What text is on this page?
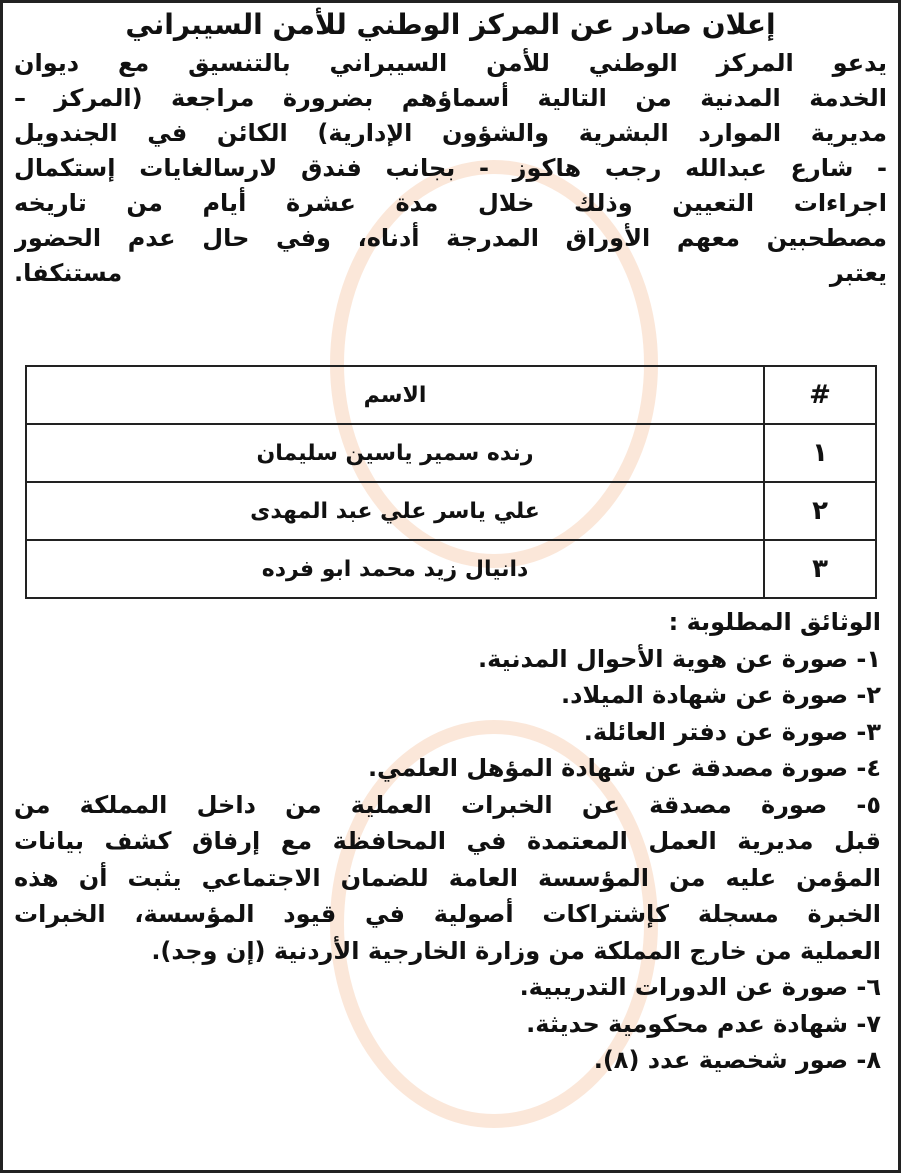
إعلان صادر عن المركز الوطني للأمن السيبراني
يدعو المركز الوطني للأمن السيبراني بالتنسيق مع ديوان
الخدمة المدنية من التالية أسماؤهم بضرورة مراجعة (المركز –
مديرية الموارد البشرية والشؤون الإدارية) الكائن في الجندويل
- شارع عبدالله رجب هاكوز - بجانب فندق لارسالغايات إستكمال
اجراءات التعيين وذلك خلال مدة عشرة أيام من تاريخه
مصطحبين معهم الأوراق المدرجة أدناه، وفي حال عدم الحضور
يعتبر مستنكفا.
#	الاسم
١	رنده سمير ياسين سليمان
٢	علي ياسر علي عبد المهدى
٣	دانيال زيد محمد ابو فرده
الوثائق المطلوبة :
١- صورة عن هوية الأحوال المدنية.
٢- صورة عن شهادة الميلاد.
٣- صورة عن دفتر العائلة.
٤- صورة مصدقة عن شهادة المؤهل العلمي.
٥- صورة مصدقة عن الخبرات العملية من داخل المملكة من
قبل مديرية العمل المعتمدة في المحافظة مع إرفاق كشف بيانات
المؤمن عليه من المؤسسة العامة للضمان الاجتماعي يثبت أن هذه
الخبرة مسجلة كإشتراكات أصولية في قيود المؤسسة، الخبرات
العملية من خارج المملكة من وزارة الخارجية الأردنية (إن وجد).
٦- صورة عن الدورات التدريبية.
٧- شهادة عدم محكومية حديثة.
٨- صور شخصية عدد (٨).
